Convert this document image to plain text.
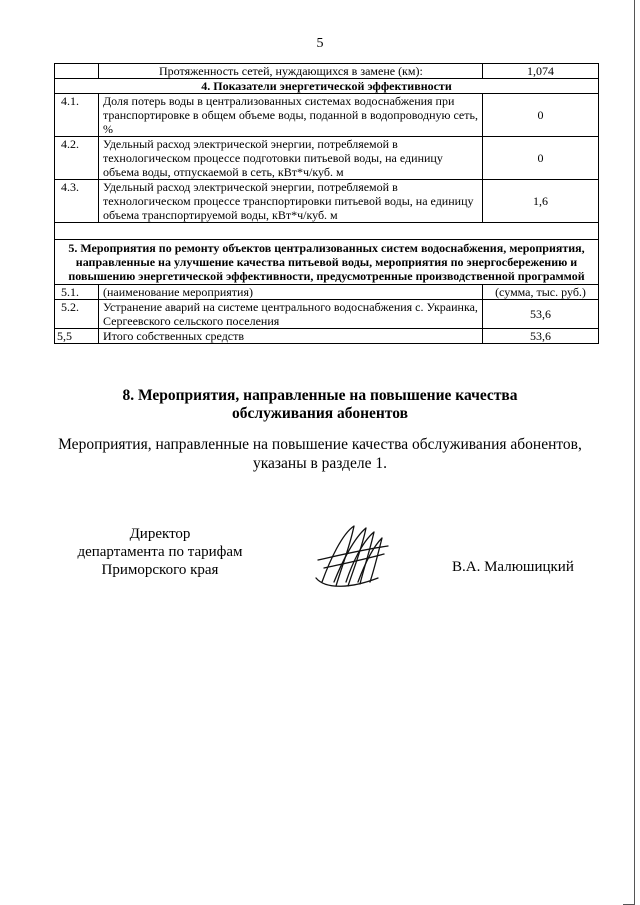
5
	Протяженность сетей, нуждающихся в замене (км):	1,074
4. Показатели энергетической эффективности		
4.1.	Доля потерь воды в централизованных системах водоснабжения при транспортировке в общем объеме воды, поданной в водопроводную сеть, %	0
4.2.	Удельный расход электрической энергии, потребляемой в технологическом процессе подготовки питьевой воды, на единицу объема воды, отпускаемой в сеть, кВт*ч/куб. м	0
4.3.	Удельный расход электрической энергии, потребляемой в технологическом процессе транспортировки питьевой воды, на единицу объема транспортируемой воды, кВт*ч/куб. м	1,6

5. Мероприятия по ремонту объектов централизованных систем водоснабжения, мероприятия, направленные на улучшение качества питьевой воды, мероприятия по энергосбережению и повышению энергетической эффективности, предусмотренные производственной программой		
5.1.	(наименование мероприятия)	(сумма, тыс. руб.)
5.2.	Устранение аварий на системе центрального водоснабжения с. Украинка, Сергеевского сельского поселения	53,6
5,5	Итого собственных средств	53,6
8. Мероприятия, направленные на повышение качества обслуживания абонентов
Мероприятия, направленные на повышение качества обслуживания абонентов, указаны в разделе 1.
Директор
департамента по тарифам
Приморского края	В.А. Малюшицкий
